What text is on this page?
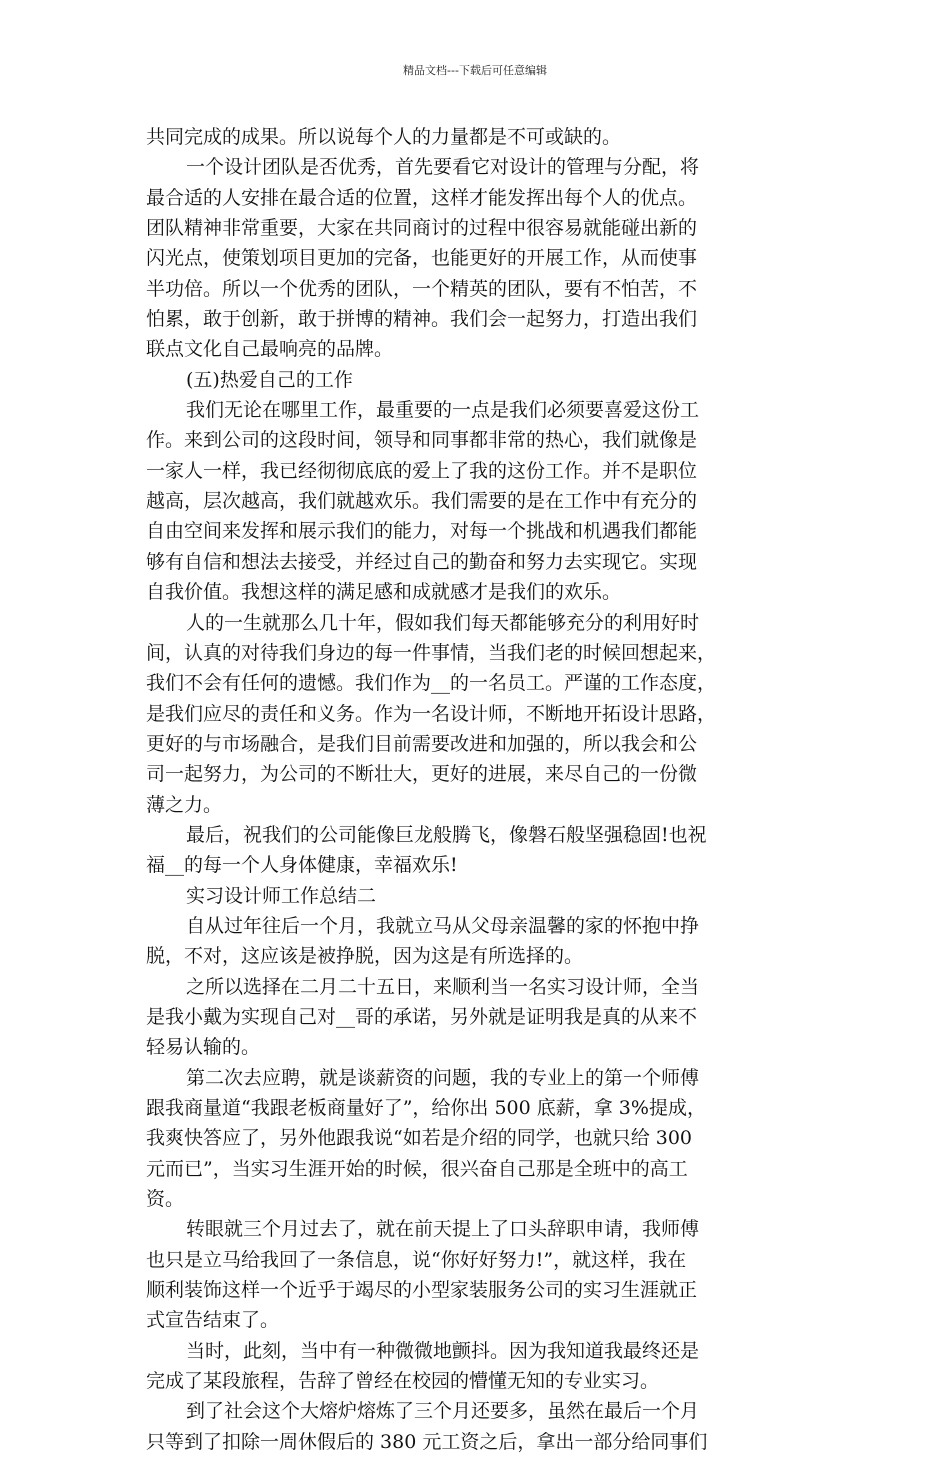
精品文档---下载后可任意编辑
共同完成的成果。所以说每个人的力量都是不可或缺的。
一个设计团队是否优秀，首先要看它对设计的管理与分配，将
最合适的人安排在最合适的位置，这样才能发挥出每个人的优点。
团队精神非常重要，大家在共同商讨的过程中很容易就能碰出新的
闪光点，使策划项目更加的完备，也能更好的开展工作，从而使事
半功倍。所以一个优秀的团队，一个精英的团队，要有不怕苦，不
怕累，敢于创新，敢于拼博的精神。我们会一起努力，打造出我们
联点文化自己最响亮的品牌。
(五)热爱自己的工作
我们无论在哪里工作，最重要的一点是我们必须要喜爱这份工
作。来到公司的这段时间，领导和同事都非常的热心，我们就像是
一家人一样，我已经彻彻底底的爱上了我的这份工作。并不是职位
越高，层次越高，我们就越欢乐。我们需要的是在工作中有充分的
自由空间来发挥和展示我们的能力，对每一个挑战和机遇我们都能
够有自信和想法去接受，并经过自己的勤奋和努力去实现它。实现
自我价值。我想这样的满足感和成就感才是我们的欢乐。
人的一生就那么几十年，假如我们每天都能够充分的利用好时
间，认真的对待我们身边的每一件事情，当我们老的时候回想起来，
我们不会有任何的遗憾。我们作为__的一名员工。严谨的工作态度，
是我们应尽的责任和义务。作为一名设计师，不断地开拓设计思路，
更好的与市场融合，是我们目前需要改进和加强的，所以我会和公
司一起努力，为公司的不断壮大，更好的进展，来尽自己的一份微
薄之力。
最后，祝我们的公司能像巨龙般腾飞，像磐石般坚强稳固!也祝
福__的每一个人身体健康，幸福欢乐!
实习设计师工作总结二
自从过年往后一个月，我就立马从父母亲温馨的家的怀抱中挣
脱，不对，这应该是被挣脱，因为这是有所选择的。
之所以选择在二月二十五日，来顺利当一名实习设计师，全当
是我小戴为实现自己对__哥的承诺，另外就是证明我是真的从来不
轻易认输的。
第二次去应聘，就是谈薪资的问题，我的专业上的第一个师傅
跟我商量道“我跟老板商量好了”，给你出 500 底薪，拿 3%提成，
我爽快答应了，另外他跟我说“如若是介绍的同学，也就只给 300
元而已”，当实习生涯开始的时候，很兴奋自己那是全班中的高工
资。
转眼就三个月过去了，就在前天提上了口头辞职申请，我师傅
也只是立马给我回了一条信息，说“你好好努力!”，就这样，我在
顺利装饰这样一个近乎于竭尽的小型家装服务公司的实习生涯就正
式宣告结束了。
当时，此刻，当中有一种微微地颤抖。因为我知道我最终还是
完成了某段旅程，告辞了曾经在校园的懵懂无知的专业实习。
到了社会这个大熔炉熔炼了三个月还要多，虽然在最后一个月
只等到了扣除一周休假后的 380 元工资之后，拿出一部分给同事们
